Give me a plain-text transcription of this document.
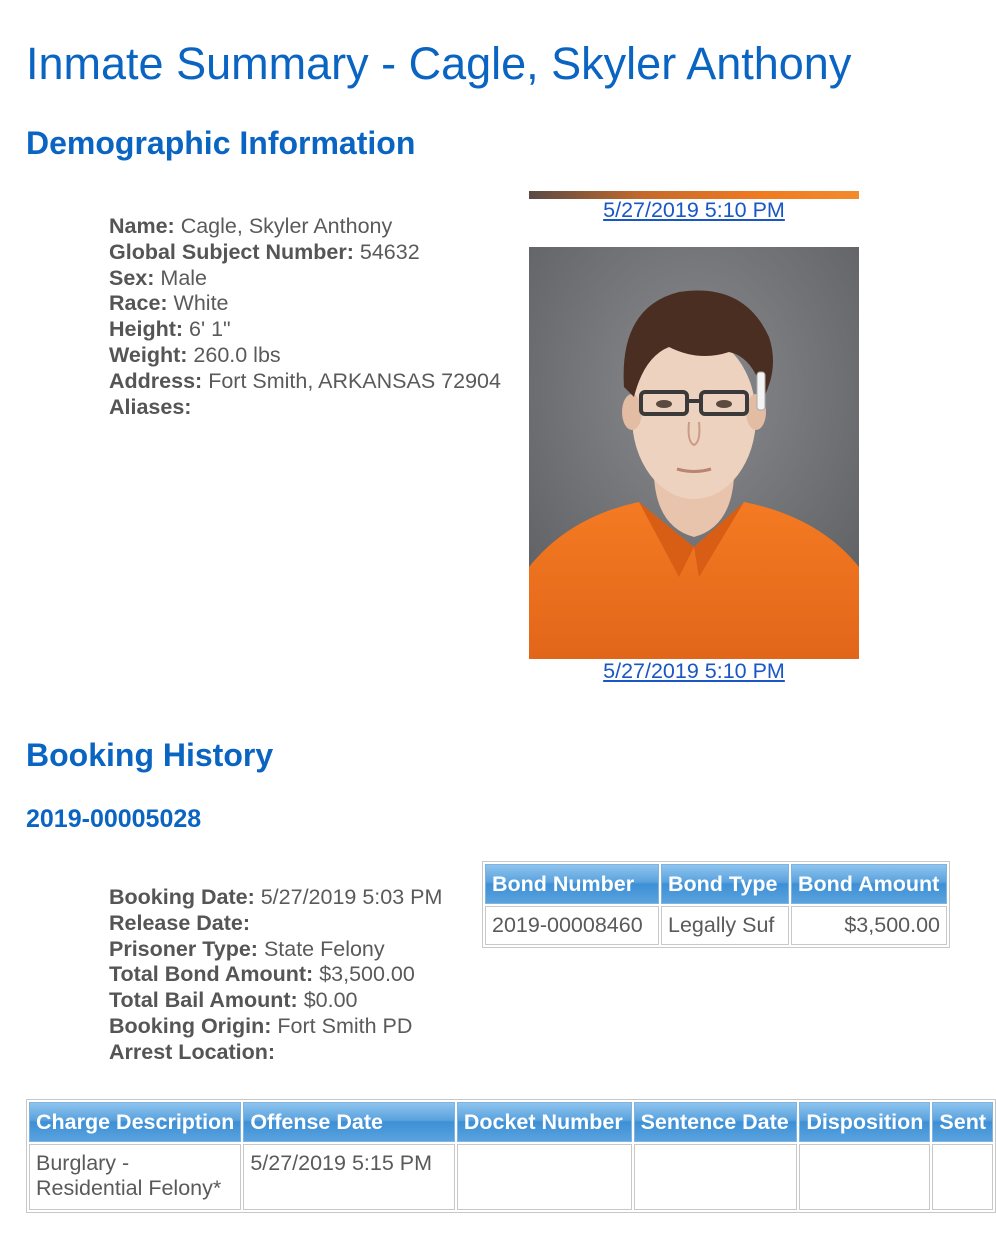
Inmate Summary - Cagle, Skyler Anthony
Demographic Information
Name: Cagle, Skyler Anthony
Global Subject Number: 54632
Sex: Male
Race: White
Height: 6' 1"
Weight: 260.0 lbs
Address: Fort Smith, ARKANSAS 72904
Aliases:
5/27/2019 5:10 PM
5/27/2019 5:10 PM
Booking History
2019-00005028
Booking Date: 5/27/2019 5:03 PM
Release Date:
Prisoner Type: State Felony
Total Bond Amount: $3,500.00
Total Bail Amount: $0.00
Booking Origin: Fort Smith PD
Arrest Location:
Bond Number	Bond Type	Bond Amount
2019-00008460	Legally Suf	$3,500.00
Charge Description	Offense Date	Docket Number	Sentence Date	Disposition	Sent
Burglary - Residential Felony*	5/27/2019 5:15 PM				
